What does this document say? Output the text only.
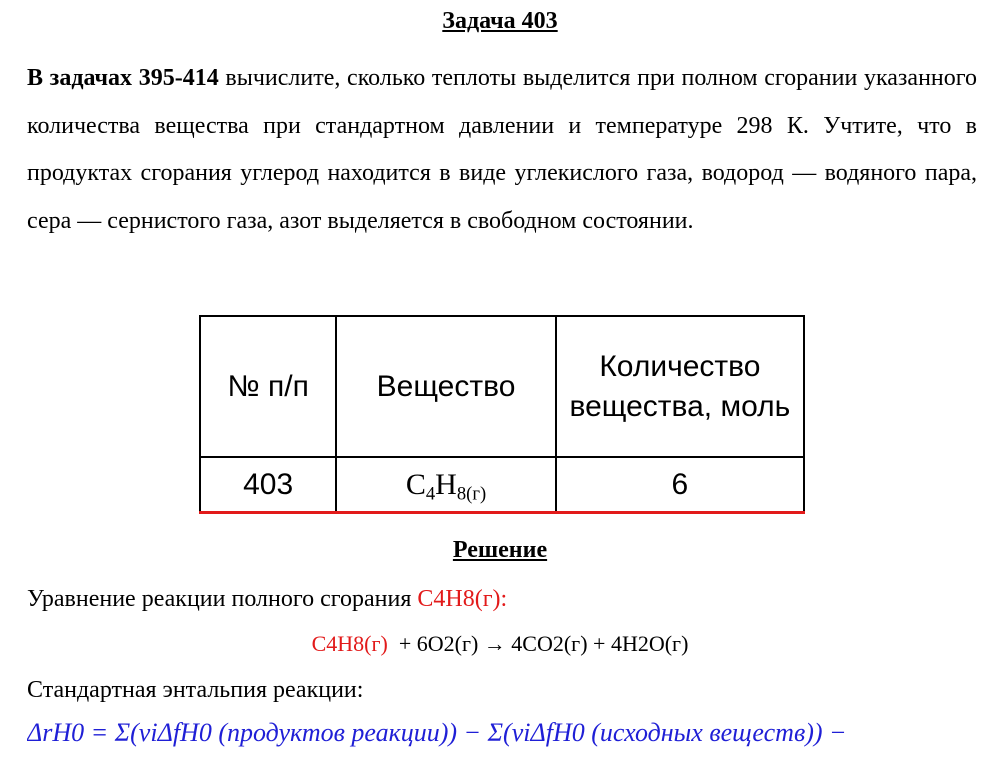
Задача 403
В задачах 395-414 вычислите, сколько теплоты выделится при полном сгорании указанного количества вещества при стандартном давлении и температуре 298 К. Учтите, что в продуктах сгорания углерод находится в виде углекислого газа, водород — водяного пара, сера — сернистого газа, азот выделяется в свободном состоянии.
№ п/п	Вещество	Количество вещества, моль
403	$C_4H_{8(г)}$	6
Решение
Уравнение реакции полного сгорания C4H8(г):
C4H8(г) + 6O2(г) → 4CO2(г) + 4H2O(г)
Стандартная энтальпия реакции:
ΔrH0 = Σ(νiΔfH0 (продуктов реакции)) − Σ(νiΔfH0 (исходных веществ)) −
